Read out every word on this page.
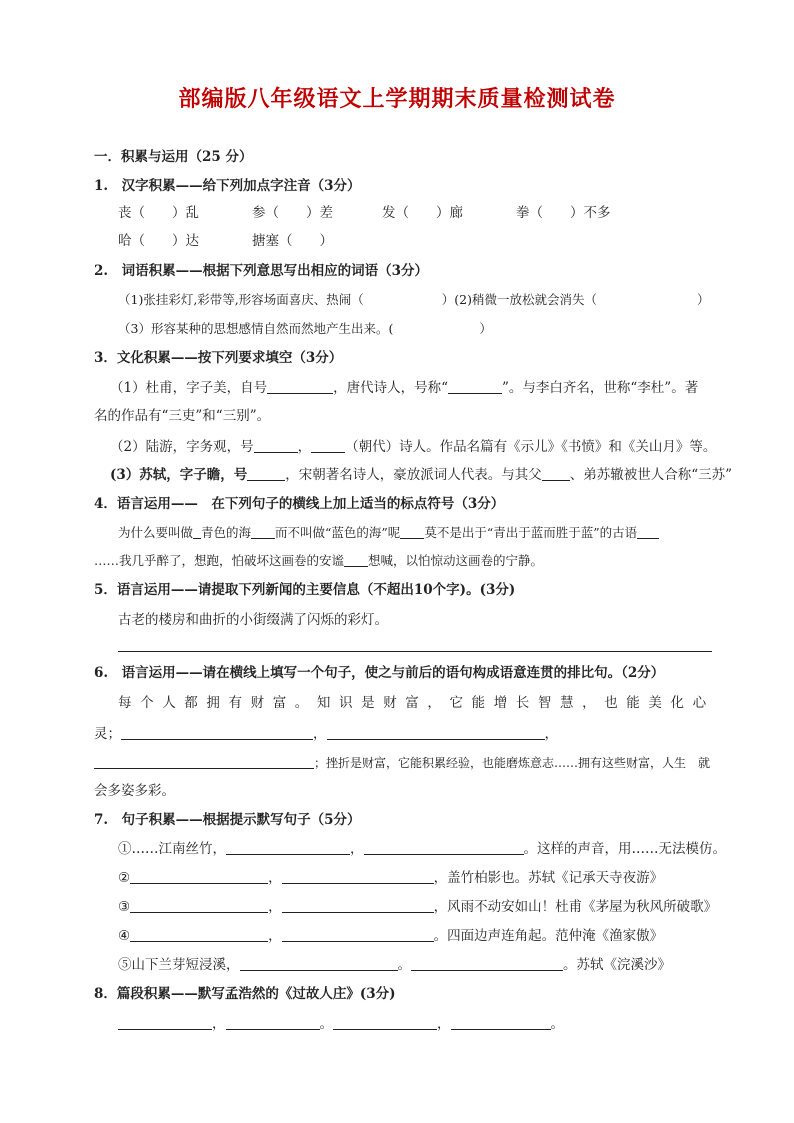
部编版八年级语文上学期期末质量检测试卷
一．积累与运用（25 分）
1.　汉字积累——给下列加点字注音（3分）
丧（　　）乱	参（　　）差	发（　　）廊	拳（　　）不多
哈（　　）达	搪塞（　　）
2.　词语积累——根据下列意思写出相应的词语（3分）
（1)张挂彩灯,彩带等,形容场面喜庆、热闹（	）(2)稍微一放松就会消失（	）
（3）形容某种的思想感情自然而然地产生出来。(	）
3．文化积累——按下列要求填空（3分）
（1）杜甫，字子美，自号	，唐代诗人，号称“	”。与李白齐名，世称“李杜”。著
名的作品有“三吏”和“三别”。
（2）陆游，字务观，号	，	（朝代）诗人。作品名篇有《示儿》《书愤》和《关山月》等。
(3）苏轼，字子瞻，号	，宋朝著名诗人，豪放派词人代表。与其父 、弟苏辙被世人合称“三苏”
4．语言运用——　在下列句子的横线上加上适当的标点符号（3分）
为什么要叫做 青色的海 而不叫做“蓝色的海”呢 莫不是出于“青出于蓝而胜于蓝”的古语
……我几乎醉了，想跑，怕破坏这画卷的安谧 想喊，以怕惊动这画卷的宁静。
5．语言运用——请提取下列新闻的主要信息（不超出10个字)。(3分)
古老的楼房和曲折的小街缀满了闪烁的彩灯。
6.　语言运用——请在横线上填写一个句子，使之与前后的语句构成语意连贯的排比句。（2分）
每个人都拥有财富。知识是财富，它能增长智慧，也能美化心
灵；	，	，
；挫折是财富，它能积累经验，也能磨炼意志……拥有这些财富，人生　就
会多姿多彩。
7.　句子积累——根据提示默写句子（5分）
①……江南丝竹，	，	。这样的声音，用……无法模仿。
②	，	，盖竹柏影也。苏轼《记承天寺夜游》
③	，	，风雨不动安如山！杜甫《茅屋为秋风所破歌》
④	，	。四面边声连角起。范仲淹《渔家傲》
⑤山下兰芽短浸溪，	。	。苏轼《浣溪沙》
8．篇段积累——默写孟浩然的《过故人庄》(3分)
，	。	，	。
